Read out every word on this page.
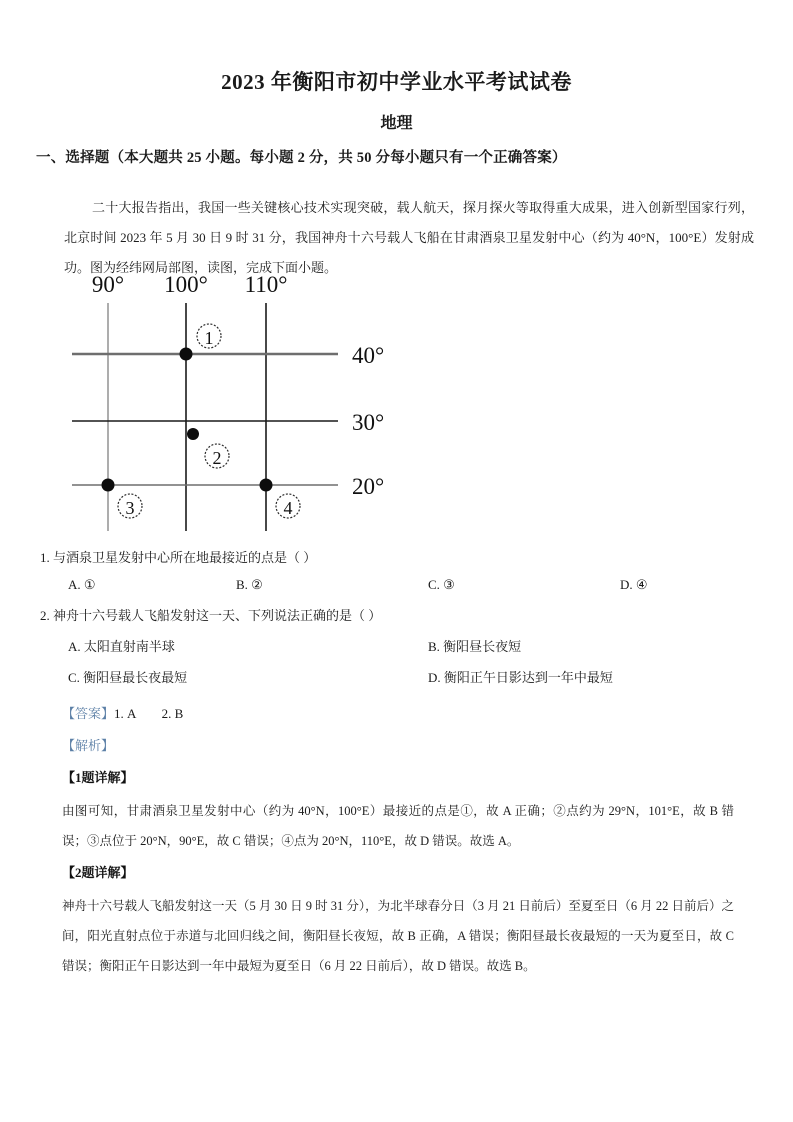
2023 年衡阳市初中学业水平考试试卷
地理
一、选择题（本大题共 25 小题。每小题 2 分，共 50 分每小题只有一个正确答案）

二十大报告指出，我国一些关键核心技术实现突破，载人航天，探月探火等取得重大成果，进入创新型国家行列，北京时间 2023 年 5 月 30 日 9 时 31 分，我国神舟十六号载人飞船在甘肃酒泉卫星发射中心（约为 40°N，100°E）发射成功。图为经纬网局部图，读图，完成下面小题。

90° 100° 110°
40°
30°
20°
1
2
3	4
1. 与酒泉卫星发射中心所在地最接近的点是（ ）
A. ①	B. ②	C. ③	D. ④
2. 神舟十六号载人飞船发射这一天、下列说法正确的是（ ）
A. 太阳直射南半球	B. 衡阳昼长夜短
C. 衡阳昼最长夜最短	D. 衡阳正午日影达到一年中最短
【答案】1. A        2. B
【解析】
【1题详解】
由图可知，甘肃酒泉卫星发射中心（约为 40°N，100°E）最接近的点是①，故 A 正确；②点约为 29°N，101°E，故 B 错误；③点位于 20°N，90°E，故 C 错误；④点为 20°N，110°E，故 D 错误。故选 A。
【2题详解】
神舟十六号载人飞船发射这一天（5 月 30 日 9 时 31 分），为北半球春分日（3 月 21 日前后）至夏至日（6 月 22 日前后）之间，阳光直射点位于赤道与北回归线之间，衡阳昼长夜短，故 B 正确，A 错误；衡阳昼最长夜最短的一天为夏至日，故 C 错误；衡阳正午日影达到一年中最短为夏至日（6 月 22 日前后），故 D 错误。故选 B。
